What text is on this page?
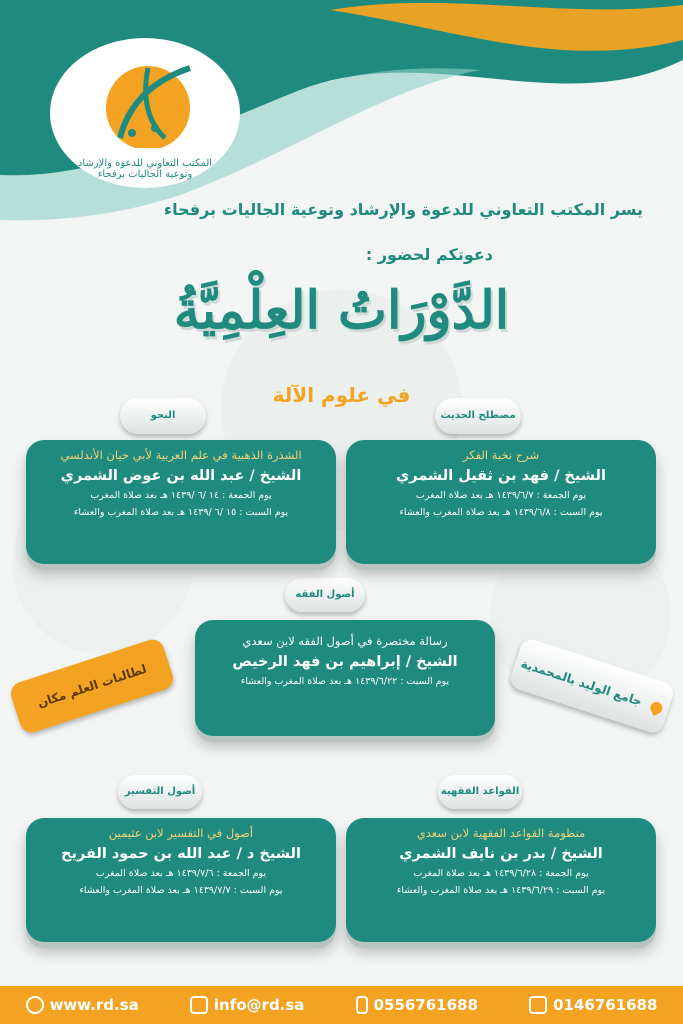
المكتب التعاوني للدعوة والإرشاد
وتوعية الجاليات برفحاء
يسر المكتب التعاوني للدعوة والإرشاد وتوعية الجاليات برفحاء
دعوتكم لحضور :
الدَّوْرَاتُ العِلْمِيَّةُ
في علوم الآلة
مصطلح الحديث
النحو
أصول الفقه
القواعد الفقهية
أصول التفسير
شرح نخبة الفكر
الشيخ / فهد بن ثقيل الشمري
يوم الجمعة : ١٤٣٩/٦/٧ هـ بعد صلاة المغرب
يوم السبت : ١٤٣٩/٦/٨ هـ بعد صلاة المغرب والعشاء
الشذرة الذهبية في علم العربية لأبي حيان الأندلسي
الشيخ / عبد الله بن عوض الشمري
يوم الجمعة : ١٤ /٦ /١٤٣٩ هـ بعد صلاة المغرب
يوم السبت : ١٥ /٦ /١٤٣٩ هـ بعد صلاة المغرب والعشاء
رسالة مختصرة في أصول الفقه لابن سعدي
الشيخ / إبراهيم بن فهد الرخيص
يوم السبت : ١٤٣٩/٦/٢٢ هـ بعد صلاة المغرب والعشاء
منظومة القواعد الفقهية لابن سعدي
الشيخ / بدر بن نايف الشمري
يوم الجمعة : ١٤٣٩/٦/٢٨ هـ بعد صلاة المغرب
يوم السبت : ١٤٣٩/٦/٢٩ هـ بعد صلاة المغرب والعشاء
أصول في التفسير لابن عثيمين
الشيخ د / عبد الله بن حمود الفريح
يوم الجمعة : ١٤٣٩/٧/٦ هـ بعد صلاة المغرب
يوم السبت : ١٤٣٩/٧/٧ هـ بعد صلاة المغرب والعشاء
جامع الوليد بالمحمدية
لطالبات العلم مكان
www.rd.sa	info@rd.sa	0556761688	0146761688
